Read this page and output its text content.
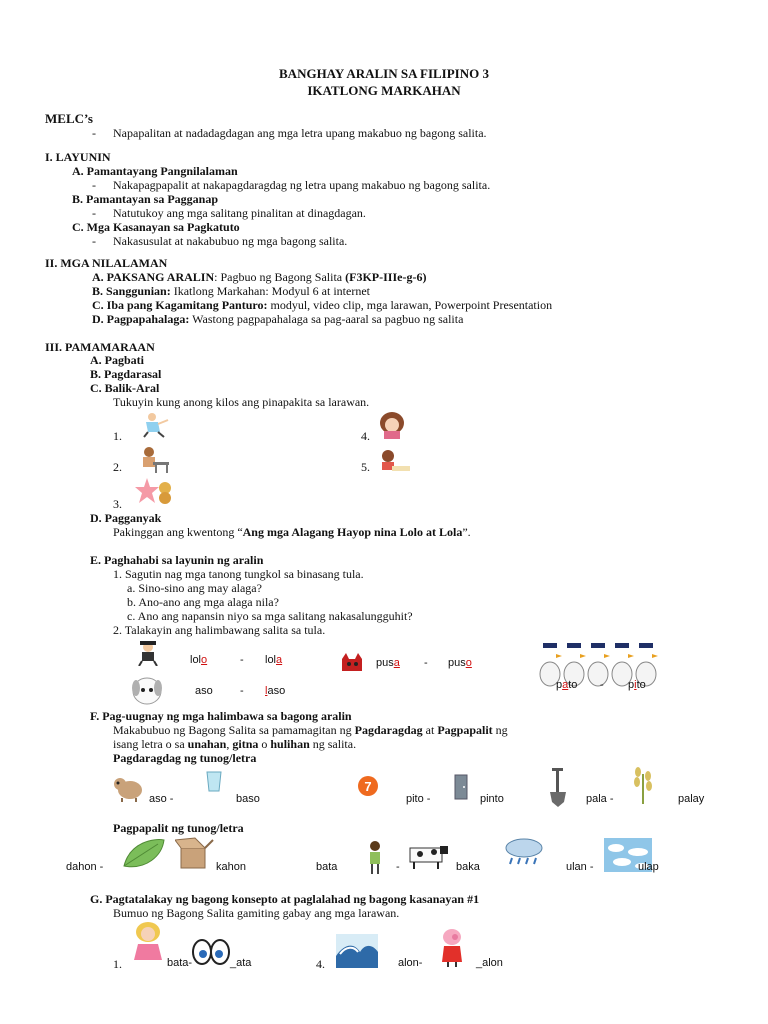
BANGHAY ARALIN SA FILIPINO 3
IKATLONG MARKAHAN
MELC’s
- Napapalitan at nadadagdagan ang mga letra upang makabuo ng bagong salita.
I. LAYUNIN
A. Pamantayang Pangnilalaman
- Nakapagpapalit at nakapagdaragdag ng letra upang makabuo ng bagong salita.
B. Pamantayan sa Pagganap
- Natutukoy ang mga salitang pinalitan at dinagdagan.
C. Mga Kasanayan sa Pagkatuto
- Nakasusulat at nakabubuo ng mga bagong salita.
II. MGA NILALAMAN
A. PAKSANG ARALIN: Pagbuo ng Bagong Salita (F3KP-IIIe-g-6)
B. Sanggunian: Ikatlong Markahan: Modyul 6 at internet
C. Iba pang Kagamitang Panturo: modyul, video clip, mga larawan, Powerpoint Presentation
D. Pagpapahalaga: Wastong pagpapahalaga sa pag-aaral sa pagbuo ng salita
III. PAMAMARAAN
A. Pagbati
B. Pagdarasal
C. Balik-Aral
Tukuyin kung anong kilos ang pinapakita sa larawan.
1.
2.
3.
4.
5.
D. Pagganyak
Pakinggan ang kwentong “Ang mga Alagang Hayop nina Lolo at Lola”.
E. Paghahabi sa layunin ng aralin
1. Sagutin nag mga tanong tungkol sa binasang tula.
a. Sino-sino ang may alaga?
b. Ano-ano ang mga alaga nila?
c. Ano ang napansin niyo sa mga salitang nakasalungguhit?
2. Talakayin ang halimbawang salita sa tula.
lolo	- lola	pusa - puso
pato - pito
aso - laso
F. Pag-uugnay ng mga halimbawa sa bagong aralin
Makabubuo ng Bagong Salita sa pamamagitan ng Pagdaragdag at Pagpapalit ng
isang letra o sa unahan, gitna o hulihan ng salita.
Pagdaragdag ng tunog/letra
aso -	baso
7
pito -	pinto	pala -	palay
Pagpapalit ng tunog/letra
dahon -	kahon	bata	-	baka	ulan -	ulap
G. Pagtatalakay ng bagong konsepto at paglalahad ng bagong kasanayan #1
Bumuo ng Bagong Salita gamiting gabay ang mga larawan.
1.	bata-	_ata	4.	alon-	_alon
